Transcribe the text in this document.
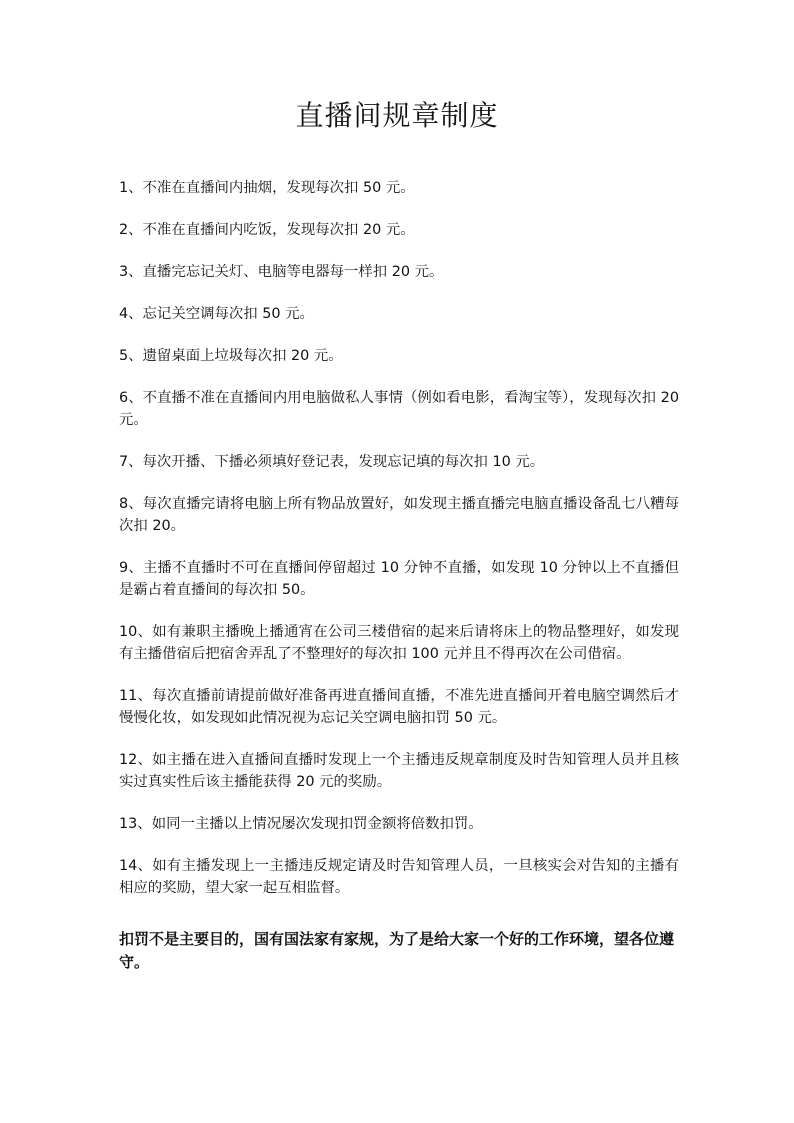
直播间规章制度
1、不准在直播间内抽烟，发现每次扣 50 元。
2、不准在直播间内吃饭，发现每次扣 20 元。
3、直播完忘记关灯、电脑等电器每一样扣 20 元。
4、忘记关空调每次扣 50 元。
5、遗留桌面上垃圾每次扣 20 元。
6、不直播不准在直播间内用电脑做私人事情（例如看电影，看淘宝等），发现每次扣 20 元。
7、每次开播、下播必须填好登记表，发现忘记填的每次扣 10 元。
8、每次直播完请将电脑上所有物品放置好，如发现主播直播完电脑直播设备乱七八糟每次扣 20。
9、主播不直播时不可在直播间停留超过 10 分钟不直播，如发现 10 分钟以上不直播但是霸占着直播间的每次扣 50。
10、如有兼职主播晚上播通宵在公司三楼借宿的起来后请将床上的物品整理好，如发现有主播借宿后把宿舍弄乱了不整理好的每次扣 100 元并且不得再次在公司借宿。
11、每次直播前请提前做好准备再进直播间直播，不准先进直播间开着电脑空调然后才慢慢化妆，如发现如此情况视为忘记关空调电脑扣罚 50 元。
12、如主播在进入直播间直播时发现上一个主播违反规章制度及时告知管理人员并且核实过真实性后该主播能获得 20 元的奖励。
13、如同一主播以上情况屡次发现扣罚金额将倍数扣罚。
14、如有主播发现上一主播违反规定请及时告知管理人员，一旦核实会对告知的主播有相应的奖励，望大家一起互相监督。

扣罚不是主要目的，国有国法家有家规，为了是给大家一个好的工作环境，望各位遵守。
